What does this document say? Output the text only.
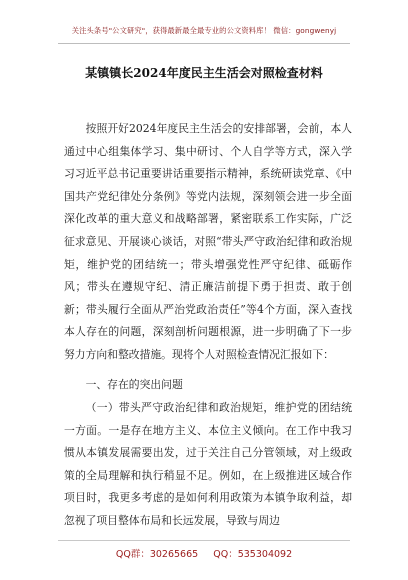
关注头条号"公文研究"，获得最新最全最专业的公文资料库！ 微信：gongwenyj
某镇镇长2024年度民主生活会对照检查材料

按照开好2024年度民主生活会的安排部署，会前，本人通过中心组集体学习、集中研讨、个人自学等方式，深入学习习近平总书记重要讲话重要指示精神，系统研读党章、《中国共产党纪律处分条例》等党内法规，深刻领会进一步全面深化改革的重大意义和战略部署，紧密联系工作实际，广泛征求意见、开展谈心谈话，对照“带头严守政治纪律和政治规矩，维护党的团结统一；带头增强党性严守纪律、砥砺作风；带头在遵规守纪、清正廉洁前提下勇于担责、敢于创新；带头履行全面从严治党政治责任”等4个方面，深入查找本人存在的问题，深刻剖析问题根源，进一步明确了下一步努力方向和整改措施。现将个人对照检查情况汇报如下：

一、存在的突出问题

（一）带头严守政治纪律和政治规矩，维护党的团结统一方面。一是存在地方主义、本位主义倾向。在工作中我习惯从本镇发展需要出发，过于关注自己分管领域，对上级政策的全局理解和执行稍显不足。例如，在上级推进区域合作项目时，我更多考虑的是如何利用政策为本镇争取利益，却忽视了项目整体布局和长远发展，导致与周边

QQ群：30265665     QQ：535304092
